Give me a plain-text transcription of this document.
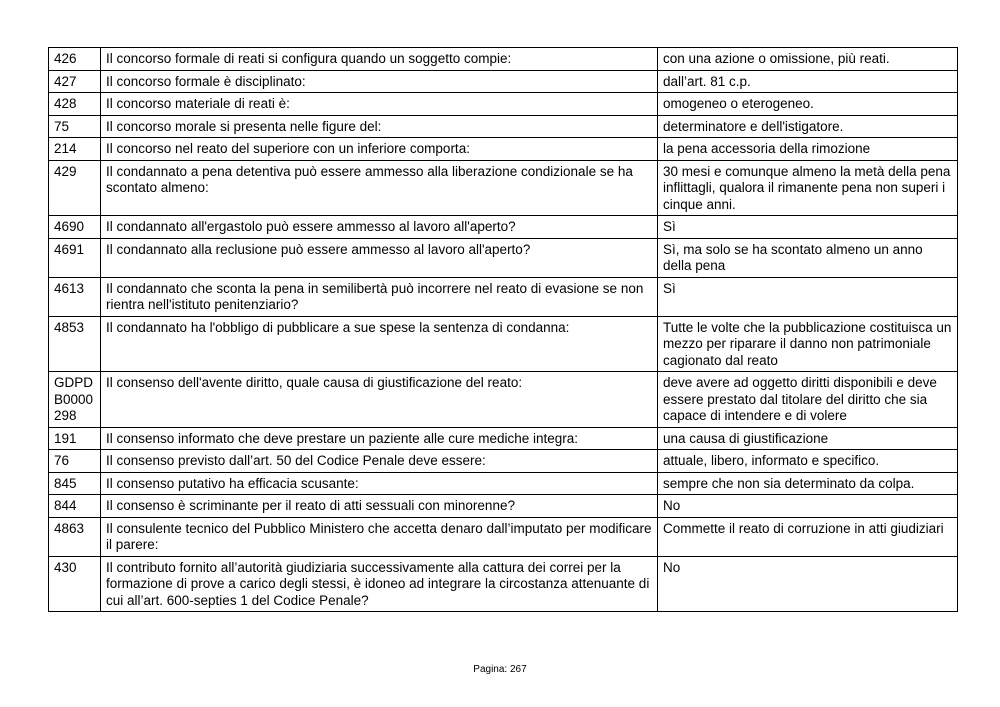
426	Il concorso formale di reati si configura quando un soggetto compie:	con una azione o omissione, più reati.
427	Il concorso formale è disciplinato:	dall’art. 81 c.p.
428	Il concorso materiale di reati è:	omogeneo o eterogeneo.
75	Il concorso morale si presenta nelle figure del:	determinatore e dell'istigatore.
214	Il concorso nel reato del superiore con un inferiore comporta:	la pena accessoria della rimozione
429	Il condannato a pena detentiva può essere ammesso alla liberazione condizionale se ha scontato almeno:	30 mesi e comunque almeno la metà della pena inflittagli, qualora il rimanente pena non superi i cinque anni.
4690	Il condannato all'ergastolo può essere ammesso al lavoro all'aperto?	Sì
4691	Il condannato alla reclusione può essere ammesso al lavoro all'aperto?	Sì, ma solo se ha scontato almeno un anno della pena
4613	Il condannato che sconta la pena in semilibertà può incorrere nel reato di evasione se non rientra nell'istituto penitenziario?	Sì
4853	Il condannato ha l'obbligo di pubblicare a sue spese la sentenza di condanna:	Tutte le volte che la pubblicazione costituisca un mezzo per riparare il danno non patrimoniale cagionato dal reato
GDPD B0000 298	Il consenso dell'avente diritto, quale causa di giustificazione del reato:	deve avere ad oggetto diritti disponibili e deve essere prestato dal titolare del diritto che sia capace di intendere e di volere
191	Il consenso informato che deve prestare un paziente alle cure mediche integra:	una causa di giustificazione
76	Il consenso previsto dall’art. 50 del Codice Penale deve essere:	attuale, libero, informato e specifico.
845	Il consenso putativo ha efficacia scusante:	sempre che non sia determinato da colpa.
844	Il consenso è scriminante per il reato di atti sessuali con minorenne?	No
4863	Il consulente tecnico del Pubblico Ministero che accetta denaro dall’imputato per modificare il parere:	Commette il reato di corruzione in atti giudiziari
430	Il contributo fornito all’autorità giudiziaria successivamente alla cattura dei correi per la formazione di prove a carico degli stessi, è idoneo ad integrare la circostanza attenuante di cui all’art. 600-septies 1 del Codice Penale?	No
Pagina: 267
